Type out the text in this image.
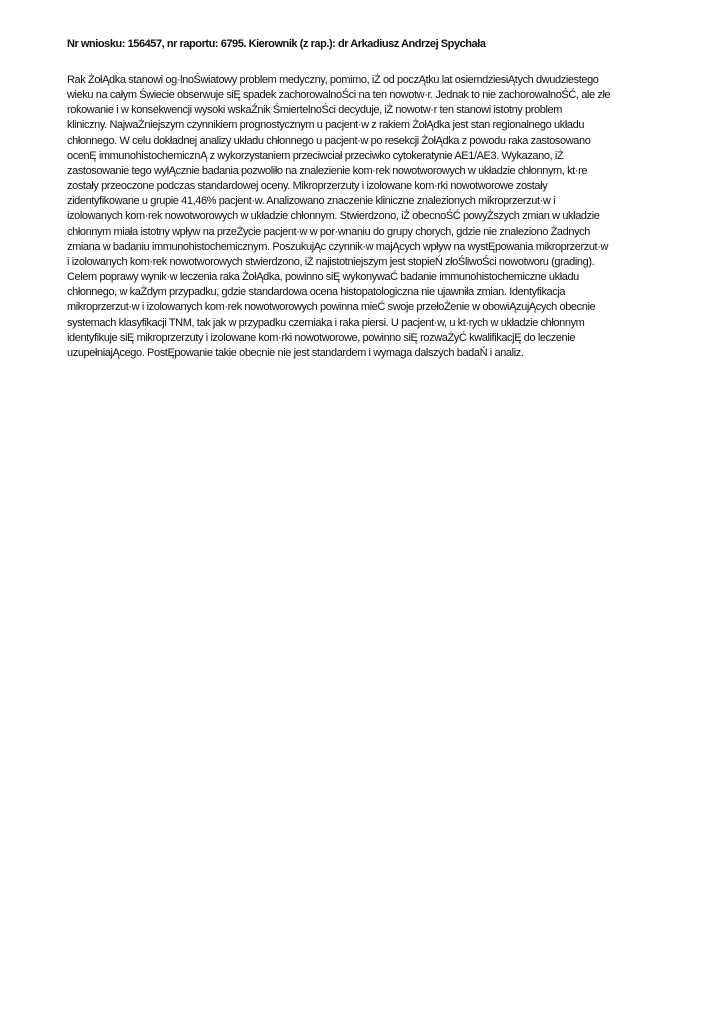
Nr wniosku: 156457, nr raportu: 6795. Kierownik (z rap.): dr Arkadiusz Andrzej Spychała
Rak ŻołĄdka stanowi og·lnoŚwiatowy problem medyczny, pomimo, iŻ od poczĄtku lat osiemdziesiĄtych dwudziestego
wieku na całym Świecie obserwuje siĘ spadek zachorowalnoŚci na ten nowotw·r. Jednak to nie zachorowalnoŚĆ, ale złe
rokowanie i w konsekwencji wysoki wskaŹnik ŚmiertelnoŚci decyduje, iŻ nowotw·r ten stanowi istotny problem
kliniczny. NajwaŻniejszym czynnikiem prognostycznym u pacjent·w z rakiem ŻołĄdka jest stan regionalnego układu
chłonnego. W celu dokładnej analizy układu chłonnego u pacjent·w po resekcji ŻołĄdka z powodu raka zastosowano
ocenĘ immunohistochemicznĄ z wykorzystaniem przeciwciał przeciwko cytokeratynie AE1/AE3. Wykazano, iŻ
zastosowanie tego wyłĄcznie badania pozwoliło na znalezienie kom·rek nowotworowych w układzie chłonnym, kt·re
zostały przeoczone podczas standardowej oceny. Mikroprzerzuty i izolowane kom·rki nowotworowe zostały
zidentyfikowane u grupie 41,46% pacjent·w. Analizowano znaczenie kliniczne znalezionych mikroprzerzut·w i
izolowanych kom·rek nowotworowych w układzie chłonnym. Stwierdzono, iŻ obecnoŚĆ powyŻszych zmian w układzie
chłonnym miała istotny wpływ na przeŻycie pacjent·w w por·wnaniu do grupy chorych, gdzie nie znaleziono Żadnych
zmiana w badaniu immunohistochemicznym. PoszukujĄc czynnik·w majĄcych wpływ na wystĘpowania mikroprzerzut·w
i izolowanych kom·rek nowotworowych stwierdzono, iŻ najistotniejszym jest stopieŃ złoŚliwoŚci nowotworu (grading).
Celem poprawy wynik·w leczenia raka ŻołĄdka, powinno siĘ wykonywaĆ badanie immunohistochemiczne układu
chłonnego, w kaŻdym przypadku, gdzie standardowa ocena histopatologiczna nie ujawniła zmian. Identyfikacja
mikroprzerzut·w i izolowanych kom·rek nowotworowych powinna mieĆ swoje przełoŻenie w obowiĄzujĄcych obecnie
systemach klasyfikacji TNM, tak jak w przypadku czerniaka i raka piersi. U pacjent·w, u kt·rych w układzie chłonnym
identyfikuje siĘ mikroprzerzuty i izolowane kom·rki nowotworowe, powinno siĘ rozwaŻyĆ kwalifikacjĘ do leczenie
uzupełniajĄcego. PostĘpowanie takie obecnie nie jest standardem i wymaga dalszych badaŃ i analiz.
